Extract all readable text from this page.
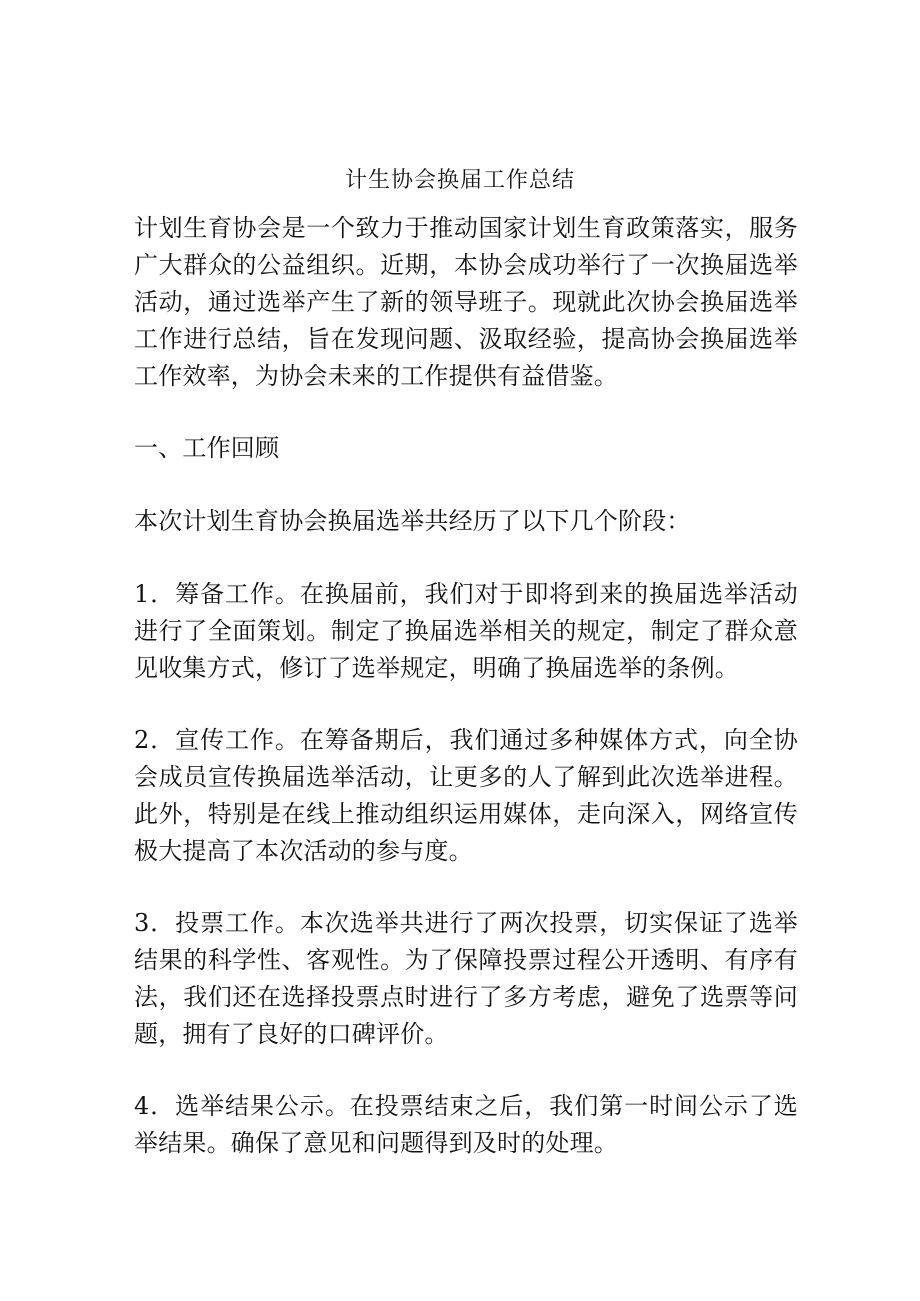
计生协会换届工作总结

计划生育协会是一个致力于推动国家计划生育政策落实，服务广大群众的公益组织。近期，本协会成功举行了一次换届选举活动，通过选举产生了新的领导班子。现就此次协会换届选举工作进行总结，旨在发现问题、汲取经验，提高协会换届选举工作效率，为协会未来的工作提供有益借鉴。

一、工作回顾

本次计划生育协会换届选举共经历了以下几个阶段：

1．筹备工作。在换届前，我们对于即将到来的换届选举活动进行了全面策划。制定了换届选举相关的规定，制定了群众意见收集方式，修订了选举规定，明确了换届选举的条例。

2．宣传工作。在筹备期后，我们通过多种媒体方式，向全协会成员宣传换届选举活动，让更多的人了解到此次选举进程。此外，特别是在线上推动组织运用媒体，走向深入，网络宣传极大提高了本次活动的参与度。

3．投票工作。本次选举共进行了两次投票，切实保证了选举结果的科学性、客观性。为了保障投票过程公开透明、有序有法，我们还在选择投票点时进行了多方考虑，避免了选票等问题，拥有了良好的口碑评价。

4．选举结果公示。在投票结束之后，我们第一时间公示了选举结果。确保了意见和问题得到及时的处理。
